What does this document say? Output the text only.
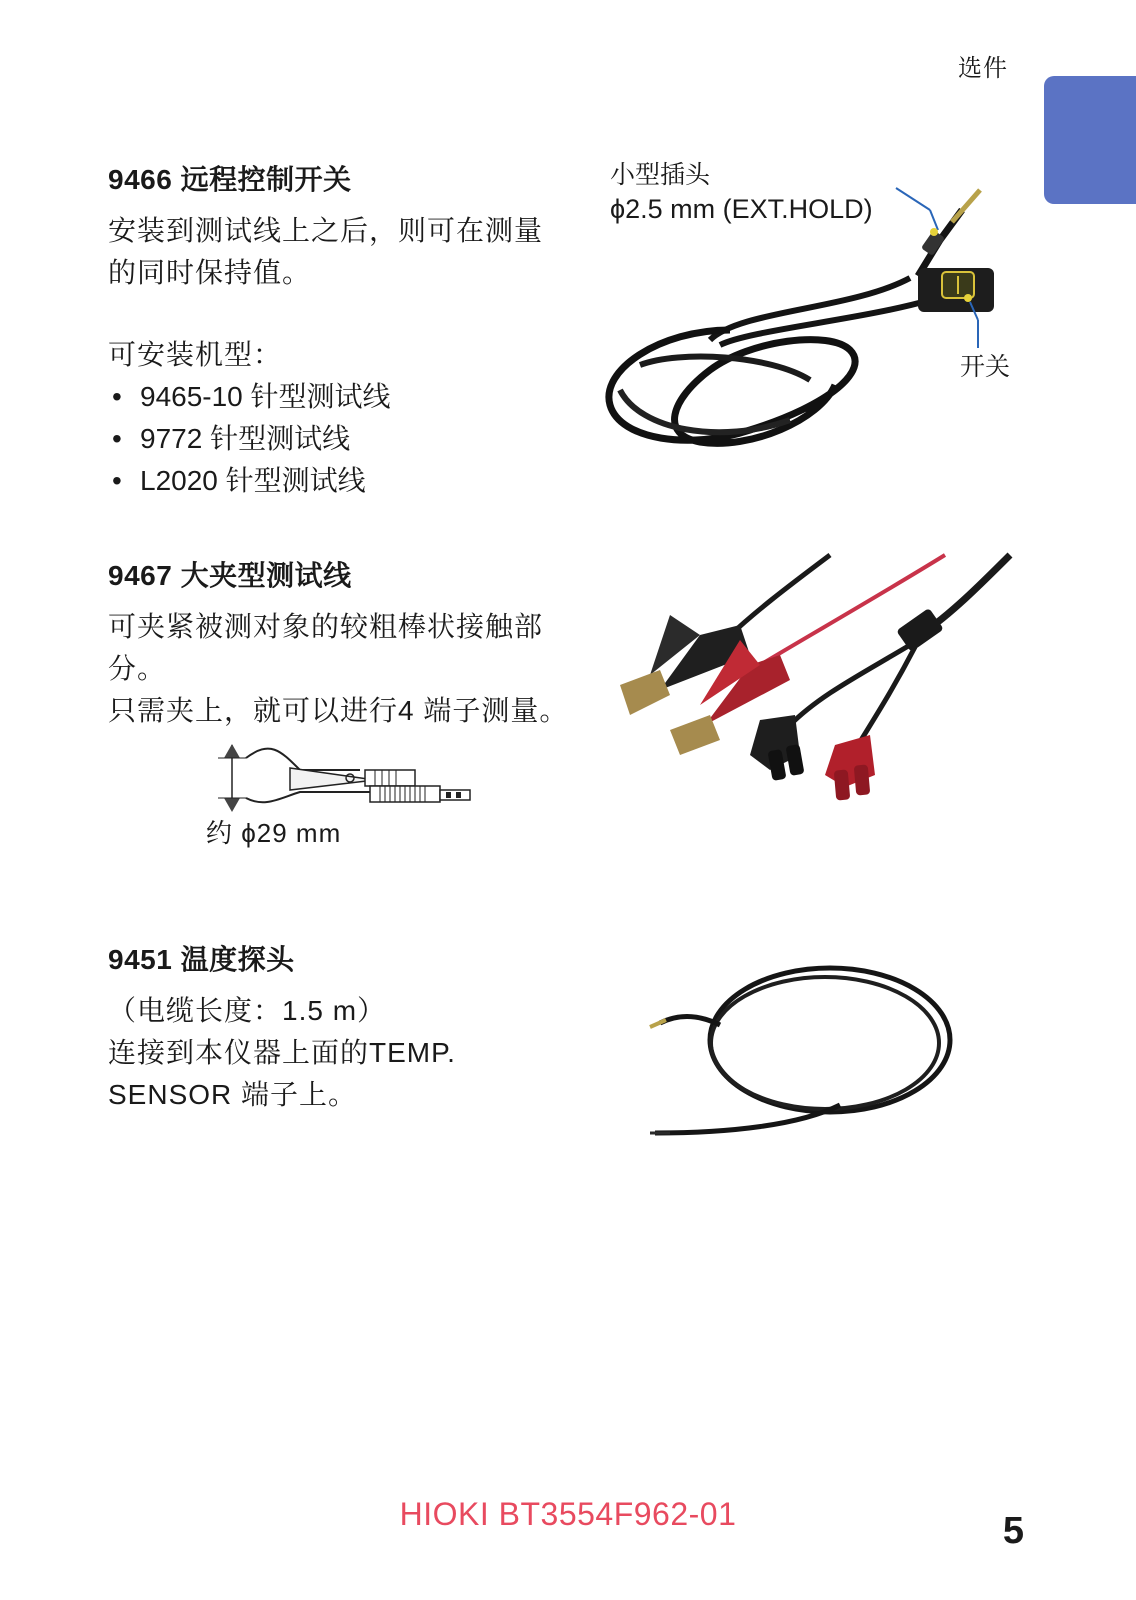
选件
9466 远程控制开关
安装到测试线上之后，则可在测量
的同时保持值。
可安装机型：
• 9465-10 针型测试线
• 9772 针型测试线
• L2020 针型测试线
小型插头
ϕ2.5 mm (EXT.HOLD)
开关
9467 大夹型测试线
可夹紧被测对象的较粗棒状接触部
分。
只需夹上，就可以进行4 端子测量。
约 ϕ29 mm
9451 温度探头
（电缆长度：1.5 m）
连接到本仪器上面的TEMP.
SENSOR 端子上。
HIOKI BT3554F962-01	5
